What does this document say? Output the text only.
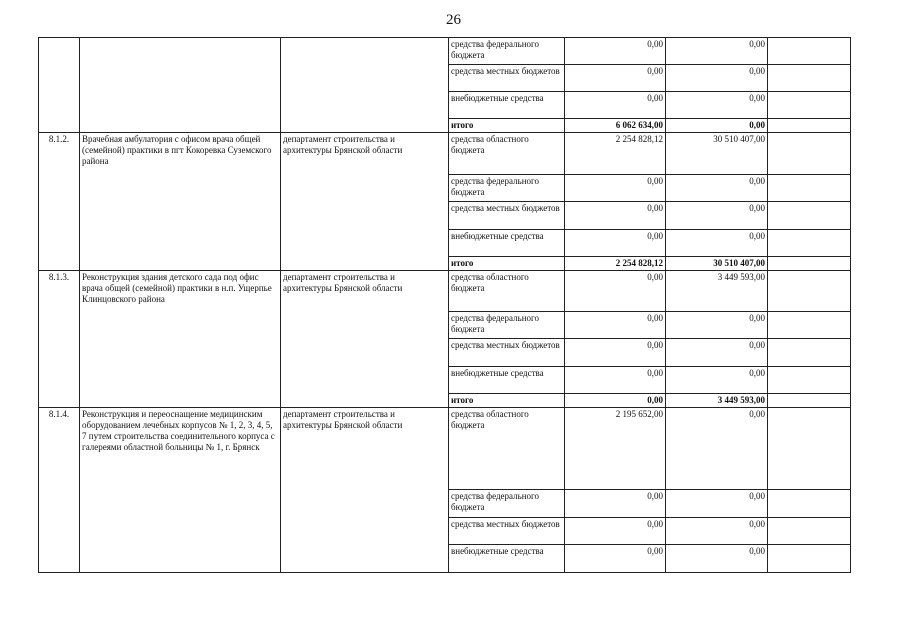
26
			средства федерального бюджета	0,00	0,00	
			средства местных бюджетов	0,00	0,00	
			внебюджетные средства	0,00	0,00	
			итого	6 062 634,00	0,00	
8.1.2.	Врачебная амбулатория с офисом врача общей (семейной) практики в пгт Кокоревка Суземского района	департамент строительства и архитектуры Брянской области	средства областного бюджета	2 254 828,12	30 510 407,00	
			средства федерального бюджета	0,00	0,00	
			средства местных бюджетов	0,00	0,00	
			внебюджетные средства	0,00	0,00	
			итого	2 254 828,12	30 510 407,00	
8.1.3.	Реконструкция здания детского сада под офис врача общей (семейной) практики в н.п. Ущерпье Клинцовского района	департамент строительства и архитектуры Брянской области	средства областного бюджета	0,00	3 449 593,00	
			средства федерального бюджета	0,00	0,00	
			средства местных бюджетов	0,00	0,00	
			внебюджетные средства	0,00	0,00	
			итого	0,00	3 449 593,00	
8.1.4.	Реконструкция и переоснащение медицинским оборудованием лечебных корпусов № 1, 2, 3, 4, 5, 7 путем строительства соединительного корпуса с галереями областной больницы № 1, г. Брянск	департамент строительства и архитектуры Брянской области	средства областного бюджета	2 195 652,00	0,00	
			средства федерального бюджета	0,00	0,00	
			средства местных бюджетов	0,00	0,00	
			внебюджетные средства	0,00	0,00	
